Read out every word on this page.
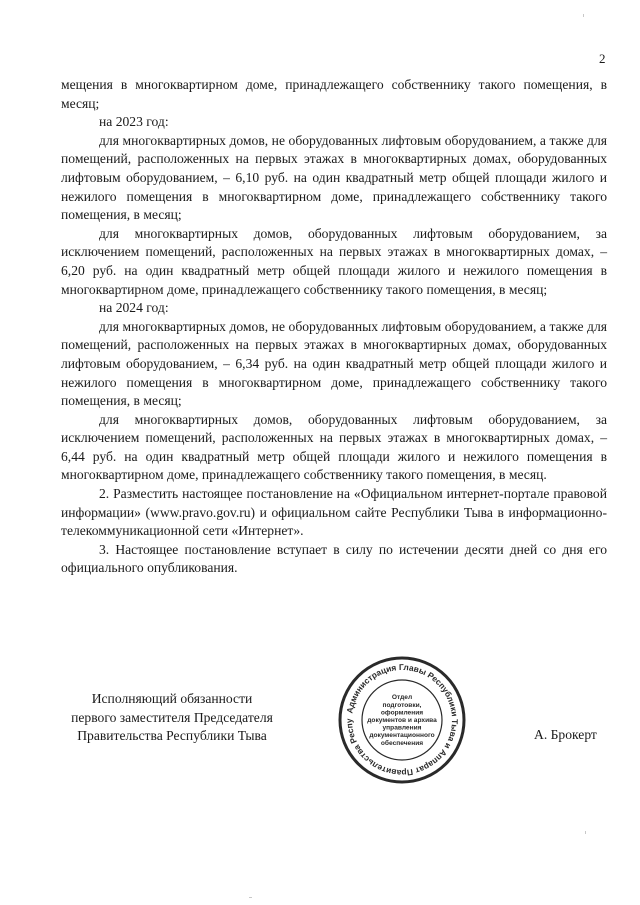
2

мещения в многоквартирном доме, принадлежащего собственнику такого помещения, в месяц;

на 2023 год:

для многоквартирных домов, не оборудованных лифтовым оборудованием, а также для помещений, расположенных на первых этажах в многоквартирных домах, оборудованных лифтовым оборудованием, – 6,10 руб. на один квадратный метр общей площади жилого и нежилого помещения в многоквартирном доме, принадлежащего собственнику такого помещения, в месяц;

для многоквартирных домов, оборудованных лифтовым оборудованием, за исключением помещений, расположенных на первых этажах в многоквартирных домах, – 6,20 руб. на один квадратный метр общей площади жилого и нежилого помещения в многоквартирном доме, принадлежащего собственнику такого помещения, в месяц;

на 2024 год:

для многоквартирных домов, не оборудованных лифтовым оборудованием, а также для помещений, расположенных на первых этажах в многоквартирных домах, оборудованных лифтовым оборудованием, – 6,34 руб. на один квадратный метр общей площади жилого и нежилого помещения в многоквартирном доме, принадлежащего собственнику такого помещения, в месяц;

для многоквартирных домов, оборудованных лифтовым оборудованием, за исключением помещений, расположенных на первых этажах в многоквартирных домах, – 6,44 руб. на один квадратный метр общей площади жилого и нежилого помещения в многоквартирном доме, принадлежащего собственнику такого помещения, в месяц.

2. Разместить настоящее постановление на «Официальном интернет-портале правовой информации» (www.pravo.gov.ru) и официальном сайте Республики Тыва в информационно-телекоммуникационной сети «Интернет».

3. Настоящее постановление вступает в силу по истечении десяти дней со дня его официального опубликования.

Исполняющий обязанности
первого заместителя Председателя
Правительства Республики Тыва
Администрация Главы Республики Тыва и Аппарат Правительства Респу
Отдел
подготовки,
оформления
документов и архива
управления
документационного
обеспечения
А. Брокерт
